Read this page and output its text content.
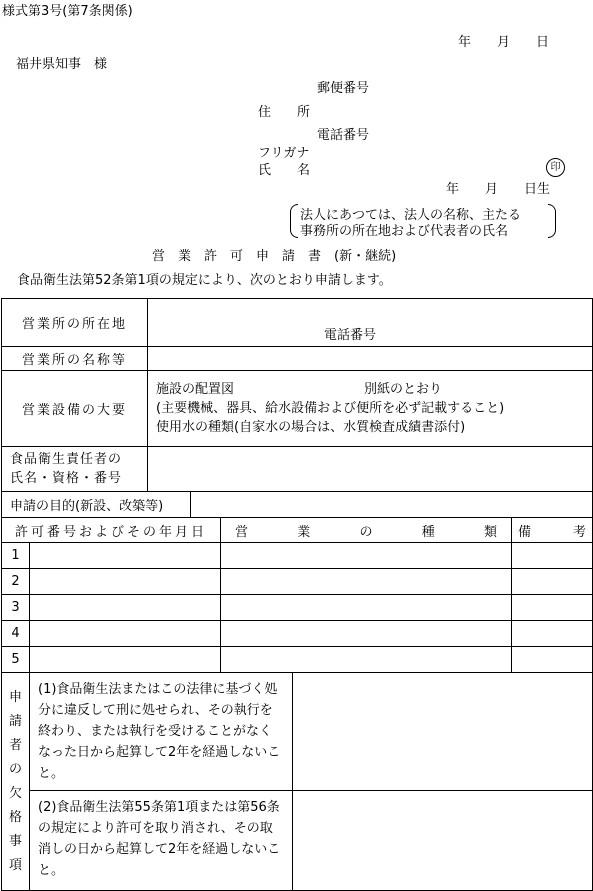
様式第3号(第7条関係)
年　　月　　日
福井県知事　様
郵便番号
住　　所
電話番号
フリガナ
氏　　名	印
年　　月　　日生
法人にあつては、法人の名称、主たる
事務所の所在地および代表者の氏名
営　業　許　可　申　請　書　(新・継続)
食品衛生法第52条第1項の規定により、次のとおり申請します。
営業所の所在地	電話番号
営業所の名称等	
営業設備の大要	
施設の配置図　　　　　　　　　　別紙のとおり
(主要機械、器具、給水設備および便所を必ず記載すること)
使用水の種類(自家水の場合は、水質検査成績書添付)

食品衛生責任者の
氏名・資格・番号

申請の目的(新設、改築等)	

許可番号およびその年月日	営	業	の	種	類	備	考

1			
2			
3			
4			
5			

申
請
者
の
欠
格
事
項
	(1)食品衛生法またはこの法律に基づく処分に違反して刑に処せられ、その執行を終わり、または執行を受けることがなくなった日から起算して2年を経過しないこと。	
(2)食品衛生法第55条第1項または第56条の規定により許可を取り消され、その取消しの日から起算して2年を経過しないこと。	
